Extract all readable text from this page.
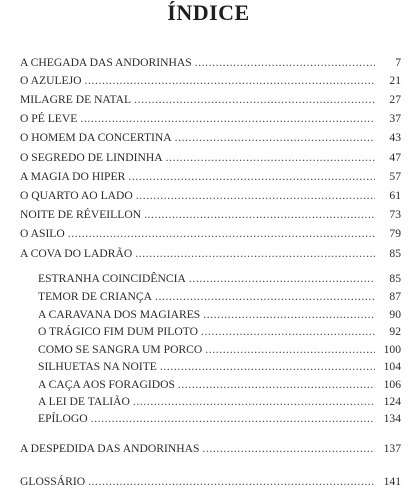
ÍNDICE
A CHEGADA DAS ANDORINHAS .....	7
O AZULEJO .....	21
MILAGRE DE NATAL .....	27
O PÉ LEVE .....	37
O HOMEM DA CONCERTINA .....	43
O SEGREDO DE LINDINHA .....	47
A MAGIA DO HIPER .....	57
O QUARTO AO LADO .....	61
NOITE DE RÉVEILLON .....	73
O ASILO .....	79
A COVA DO LADRÃO .....	85
ESTRANHA COINCIDÊNCIA .....	85
TEMOR DE CRIANÇA .....	87
A CARAVANA DOS MAGIARES .....	90
O TRÁGICO FIM DUM PILOTO .....	92
COMO SE SANGRA UM PORCO .....	100
SILHUETAS NA NOITE .....	104
A CAÇA AOS FORAGIDOS .....	106
A LEI DE TALIÃO .....	124
EPÍLOGO .....	134
A DESPEDIDA DAS ANDORINHAS .....	137
GLOSSÁRIO .....	141
